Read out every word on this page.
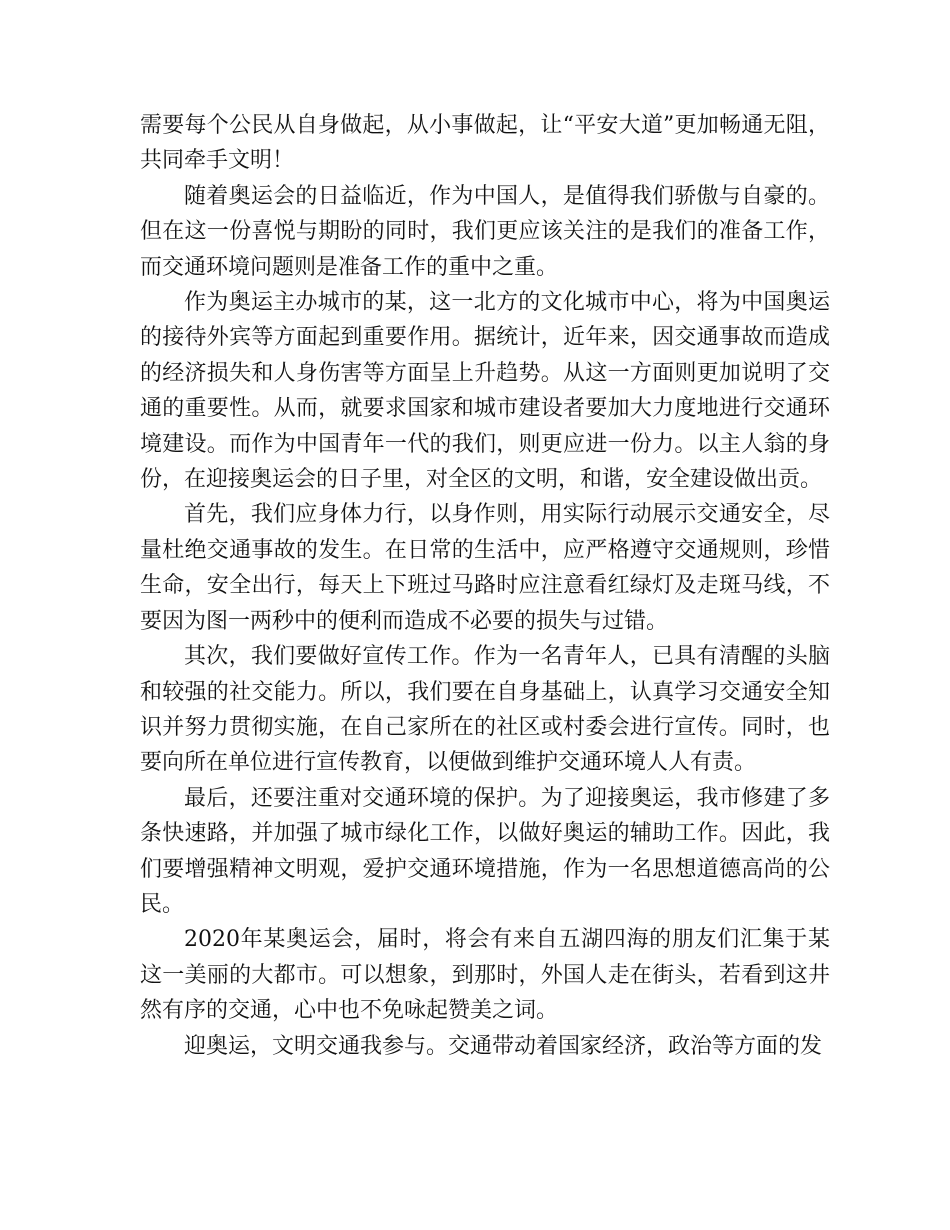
需要每个公民从自身做起，从小事做起，让“平安大道”更加畅通无阻，共同牵手文明！

随着奥运会的日益临近，作为中国人，是值得我们骄傲与自豪的。但在这一份喜悦与期盼的同时，我们更应该关注的是我们的准备工作，而交通环境问题则是准备工作的重中之重。

作为奥运主办城市的某，这一北方的文化城市中心，将为中国奥运的接待外宾等方面起到重要作用。据统计，近年来，因交通事故而造成的经济损失和人身伤害等方面呈上升趋势。从这一方面则更加说明了交通的重要性。从而，就要求国家和城市建设者要加大力度地进行交通环境建设。而作为中国青年一代的我们，则更应进一份力。以主人翁的身份，在迎接奥运会的日子里，对全区的文明，和谐，安全建设做出贡。

首先，我们应身体力行，以身作则，用实际行动展示交通安全，尽量杜绝交通事故的发生。在日常的生活中，应严格遵守交通规则，珍惜生命，安全出行，每天上下班过马路时应注意看红绿灯及走斑马线，不要因为图一两秒中的便利而造成不必要的损失与过错。

其次，我们要做好宣传工作。作为一名青年人，已具有清醒的头脑和较强的社交能力。所以，我们要在自身基础上，认真学习交通安全知识并努力贯彻实施，在自己家所在的社区或村委会进行宣传。同时，也要向所在单位进行宣传教育，以便做到维护交通环境人人有责。

最后，还要注重对交通环境的保护。为了迎接奥运，我市修建了多条快速路，并加强了城市绿化工作，以做好奥运的辅助工作。因此，我们要增强精神文明观，爱护交通环境措施，作为一名思想道德高尚的公民。

2020年某奥运会，届时，将会有来自五湖四海的朋友们汇集于某这一美丽的大都市。可以想象，到那时，外国人走在街头，若看到这井然有序的交通，心中也不免咏起赞美之词。

迎奥运，文明交通我参与。交通带动着国家经济，政治等方面的发
